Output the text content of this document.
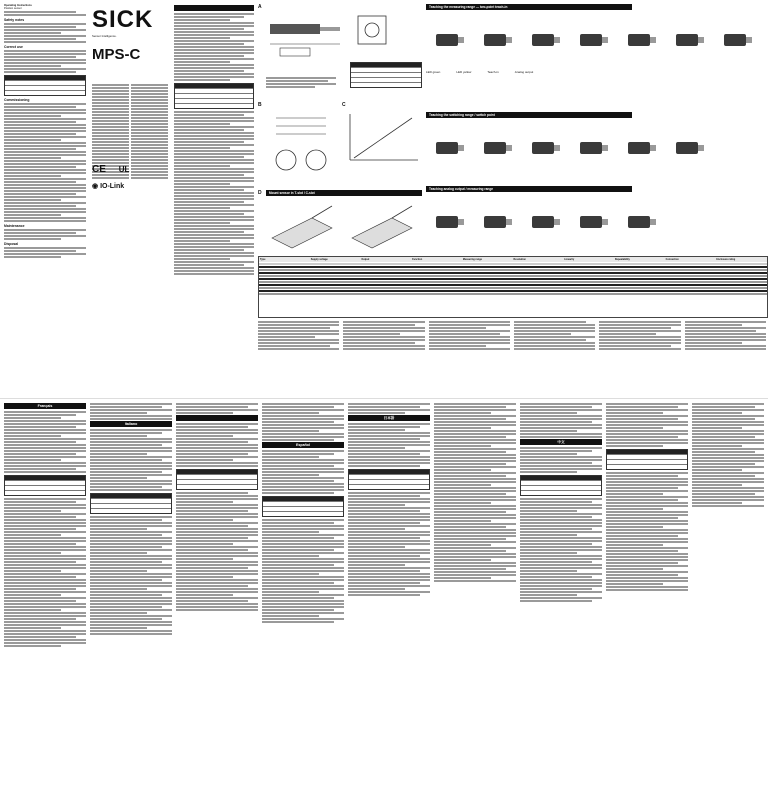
Operating Instructions
Position sensor
Safety notes
Correct use
Commissioning
Maintenance
Disposal
SICK
Sensor Intelligence.
MPS-C
CE UL
◉ IO-Link

A
B	C
D	Mount sensor in T-slot / C-slot
Teaching the measuring range — two-point teach-in
LED green	LED yellow	Teach-in	Analog output
Teaching the switching range / switch point
Teaching analog output / measuring range
Type	Supply voltage	Output	Function	Measuring range	Resolution	Linearity	Repeatability	Connection	Enclosure rating
Français
Italiano

Español
日本語
中文
